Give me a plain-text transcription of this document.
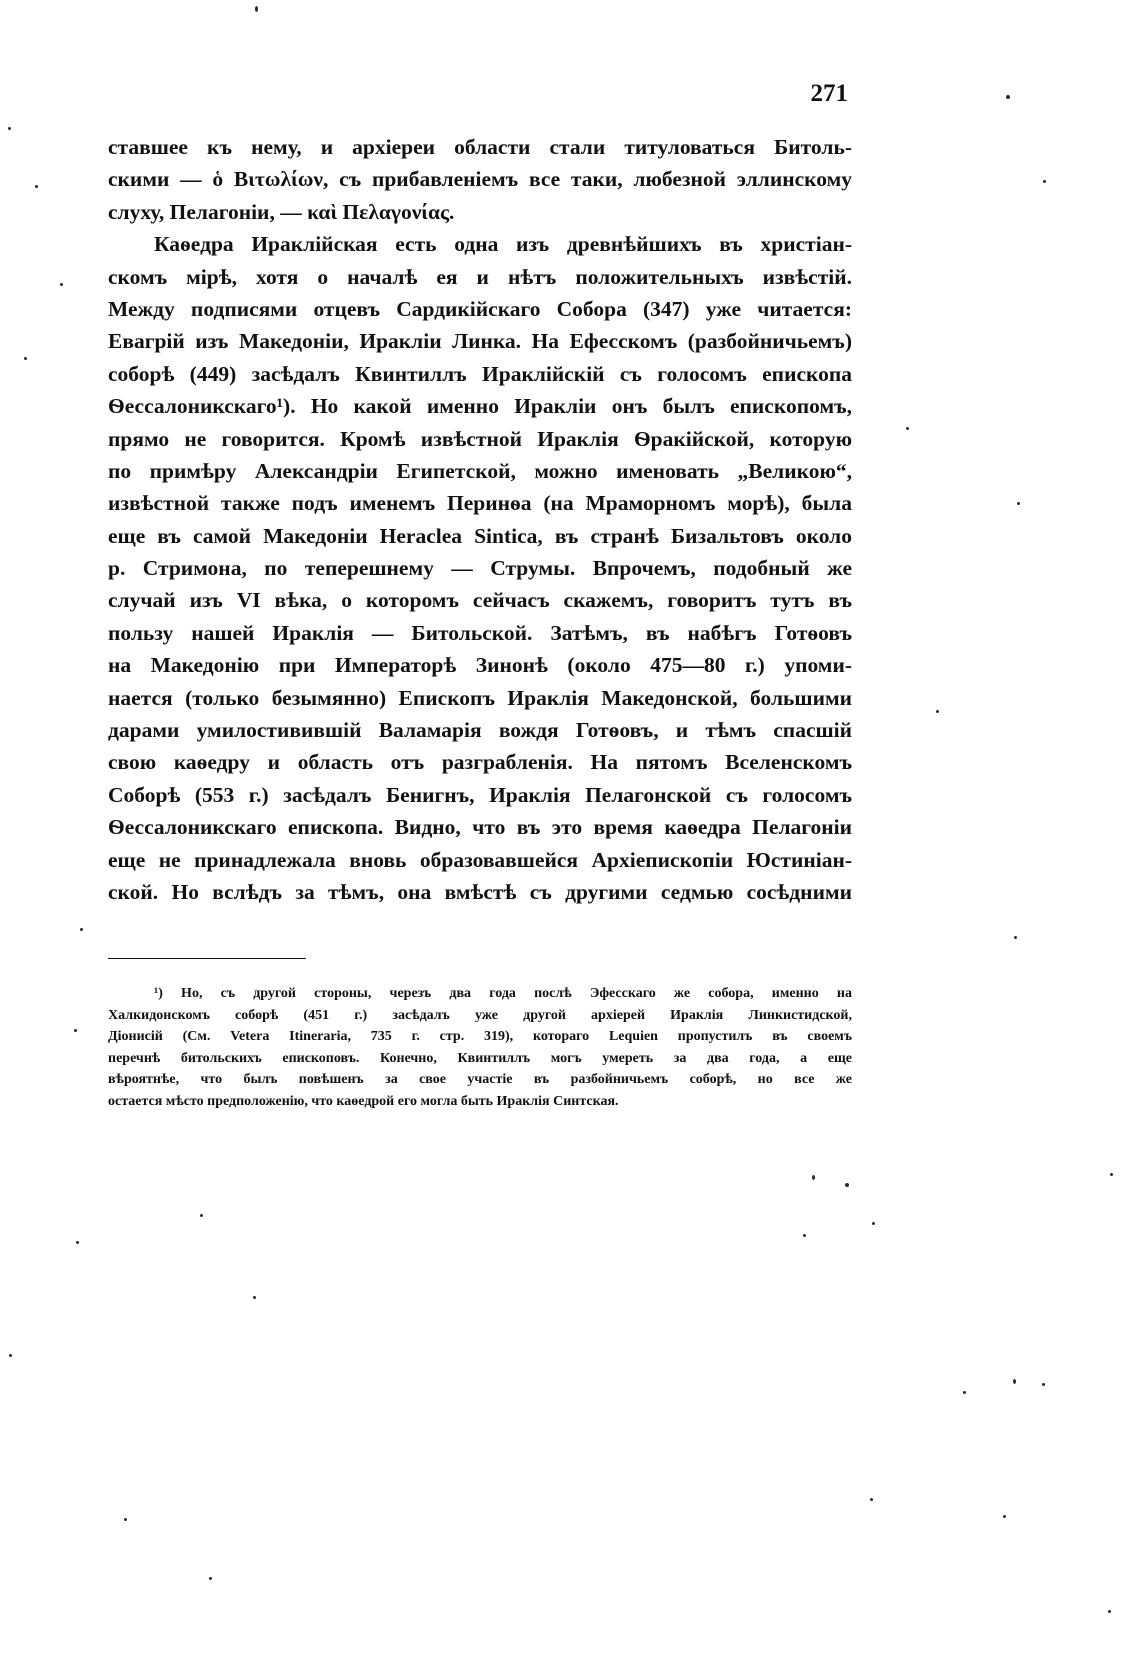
271
ставшее къ нему, и архіереи области стали титуловаться Битоль-
скими — ὁ Βιτωλίων, съ прибавленіемъ все таки, любезной эллинскому
слуху, Пелагоніи, — καὶ Πελαγονίας.
Каѳедра Ираклійская есть одна изъ древнѣйшихъ въ христіан-
скомъ мірѣ, хотя о началѣ ея и нѣтъ положительныхъ извѣстій.
Между подписями отцевъ Сардикійскаго Собора (347) уже читается:
Евагрій изъ Македоніи, Иракліи Линка. На Ефесскомъ (разбойничьемъ)
соборѣ (449) засѣдалъ Квинтиллъ Ираклійскій съ голосомъ епископа
Ѳессалоникскаго¹). Но какой именно Иракліи онъ былъ епископомъ,
прямо не говорится. Кромѣ извѣстной Ираклія Ѳракійской, которую
по примѣру Александріи Египетской, можно именовать „Великою“,
извѣстной также подъ именемъ Перинѳа (на Мраморномъ морѣ), была
еще въ самой Македоніи Heraclea Sintica, въ странѣ Бизальтовъ около
р. Стримона, по теперешнему — Струмы. Впрочемъ, подобный же
случай изъ VI вѣка, о которомъ сейчасъ скажемъ, говоритъ тутъ въ
пользу нашей Ираклія — Битольской. Затѣмъ, въ набѣгъ Готѳовъ
на Македонію при Императорѣ Зинонѣ (около 475—80 г.) упоми-
нается (только безымянно) Епископъ Ираклія Македонской, большими
дарами умилостивившій Валамарія вождя Готѳовъ, и тѣмъ спасшій
свою каѳедру и область отъ разграбленія. На пятомъ Вселенскомъ
Соборѣ (553 г.) засѣдалъ Бенигнъ, Ираклія Пелагонской съ голосомъ
Ѳессалоникскаго епископа. Видно, что въ это время каѳедра Пелагоніи
еще не принадлежала вновь образовавшейся Архіепископіи Юстиніан-
ской. Но вслѣдъ за тѣмъ, она вмѣстѣ съ другими седмью сосѣдними
¹) Но, съ другой стороны, черезъ два года послѣ Эфесскаго же собора, именно на
Халкидонскомъ соборѣ (451 г.) засѣдалъ уже другой архіерей Ираклія Линкистидской,
Діонисій (См. Vetera Itineraria, 735 г. стр. 319), котораго Lequien пропустилъ въ своемъ
перечнѣ битольскихъ епископовъ. Конечно, Квинтиллъ могъ умереть за два года, а еще
вѣроятнѣе, что былъ повѣшенъ за свое участіе въ разбойничьемъ соборѣ, но все же
остается мѣсто предположенію, что каѳедрой его могла быть Ираклія Синтская.
